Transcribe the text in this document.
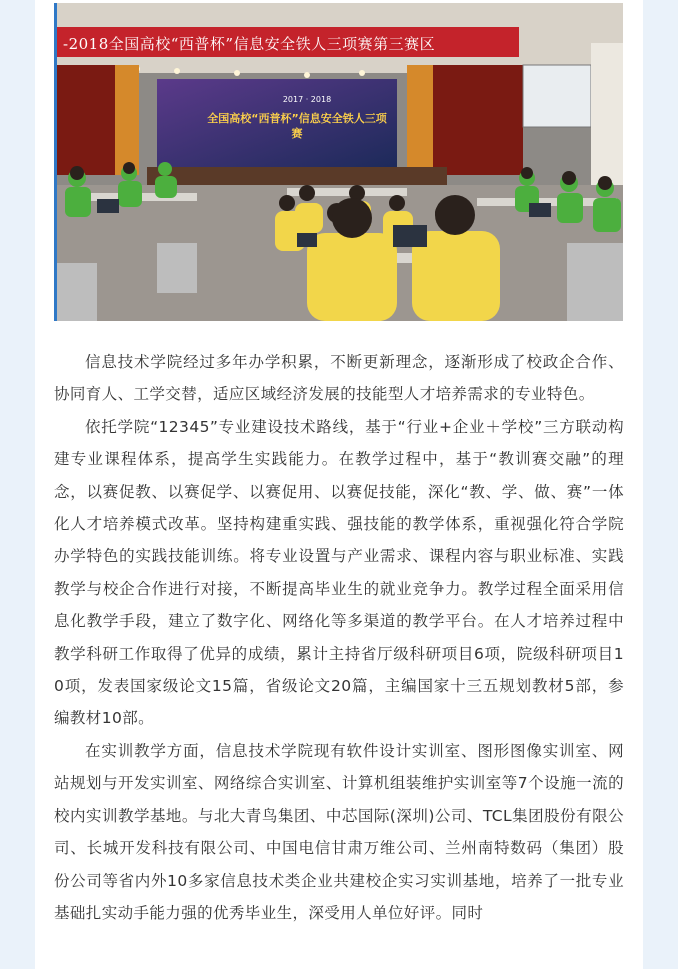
-2018全国高校“西普杯”信息安全铁人三项赛第三赛区
2017 · 2018
全国高校“西普杯”信息安全铁人三项赛

信息技术学院经过多年办学积累，不断更新理念，逐渐形成了校政企合作、协同育人、工学交替，适应区域经济发展的技能型人才培养需求的专业特色。

依托学院“12345”专业建设技术路线，基于“行业+企业＋学校”三方联动构建专业课程体系，提高学生实践能力。在教学过程中，基于“教训赛交融”的理念，以赛促教、以赛促学、以赛促用、以赛促技能，深化“教、学、做、赛”一体化人才培养模式改革。坚持构建重实践、强技能的教学体系，重视强化符合学院办学特色的实践技能训练。将专业设置与产业需求、课程内容与职业标准、实践教学与校企合作进行对接，不断提高毕业生的就业竞争力。教学过程全面采用信息化教学手段，建立了数字化、网络化等多渠道的教学平台。在人才培养过程中教学科研工作取得了优异的成绩，累计主持省厅级科研项目6项，院级科研项目10项，发表国家级论文15篇，省级论文20篇，主编国家十三五规划教材5部，参编教材10部。

在实训教学方面，信息技术学院现有软件设计实训室、图形图像实训室、网站规划与开发实训室、网络综合实训室、计算机组装维护实训室等7个设施一流的校内实训教学基地。与北大青鸟集团、中芯国际(深圳)公司、TCL集团股份有限公司、长城开发科技有限公司、中国电信甘肃万维公司、兰州南特数码（集团）股份公司等省内外10多家信息技术类企业共建校企实习实训基地，培养了一批专业基础扎实动手能力强的优秀毕业生，深受用人单位好评。同时
